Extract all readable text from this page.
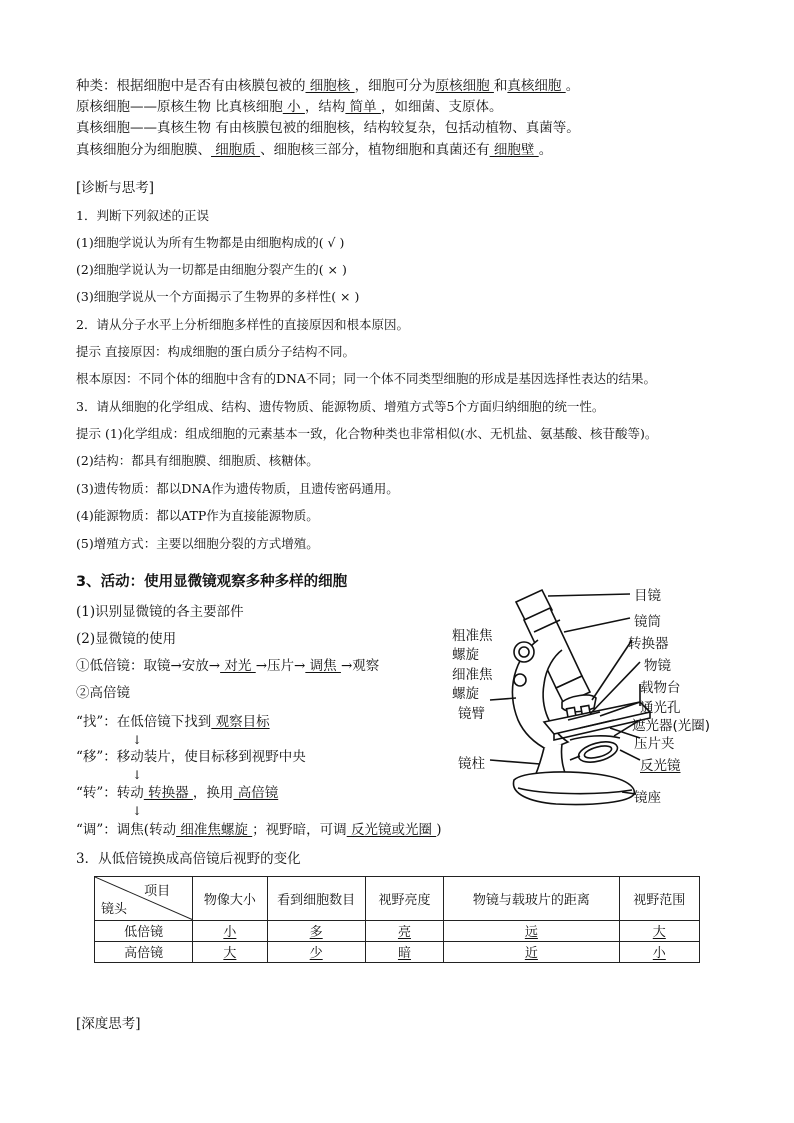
种类：根据细胞中是否有由核膜包被的 细胞核 ，细胞可分为原核细胞 和真核细胞 。
原核细胞——原核生物 比真核细胞 小 ，结构 简单 ，如细菌、支原体。
真核细胞——真核生物 有由核膜包被的细胞核，结构较复杂，包括动植物、真菌等。
真核细胞分为细胞膜、 细胞质 、细胞核三部分，植物细胞和真菌还有 细胞壁 。
[诊断与思考]
1．判断下列叙述的正误
(1)细胞学说认为所有生物都是由细胞构成的( √ )
(2)细胞学说认为一切都是由细胞分裂产生的( × )
(3)细胞学说从一个方面揭示了生物界的多样性( × )
2．请从分子水平上分析细胞多样性的直接原因和根本原因。
提示 直接原因：构成细胞的蛋白质分子结构不同。
根本原因：不同个体的细胞中含有的DNA不同；同一个体不同类型细胞的形成是基因选择性表达的结果。
3．请从细胞的化学组成、结构、遗传物质、能源物质、增殖方式等5个方面归纳细胞的统一性。
提示 (1)化学组成：组成细胞的元素基本一致，化合物种类也非常相似(水、无机盐、氨基酸、核苷酸等)。
(2)结构：都具有细胞膜、细胞质、核糖体。
(3)遗传物质：都以DNA作为遗传物质，且遗传密码通用。
(4)能源物质：都以ATP作为直接能源物质。
(5)增殖方式：主要以细胞分裂的方式增殖。
3、活动：使用显微镜观察多种多样的细胞
(1)识别显微镜的各主要部件
(2)显微镜的使用
①低倍镜：取镜→安放→ 对光 →压片→ 调焦 →观察
②高倍镜
“找”：在低倍镜下找到 观察目标
↓
“移”：移动装片，使目标移到视野中央
↓
“转”：转动 转换器 ，换用 高倍镜
↓
“调”：调焦(转动 细准焦螺旋 ；视野暗，可调 反光镜或光圈 )
目镜
镜筒
粗准焦
螺旋
转换器
物镜
细准焦
螺旋	载物台
通光孔
镜臂
遮光器(光圈)
压片夹
镜柱	反光镜
镜座
3．从低倍镜换成高倍镜后视野的变化
项目
镜头	物像大小	看到细胞数目	视野亮度	物镜与载玻片的距离	视野范围
低倍镜	小	多	亮	远	大
高倍镜	大	少	暗	近	小
[深度思考]
